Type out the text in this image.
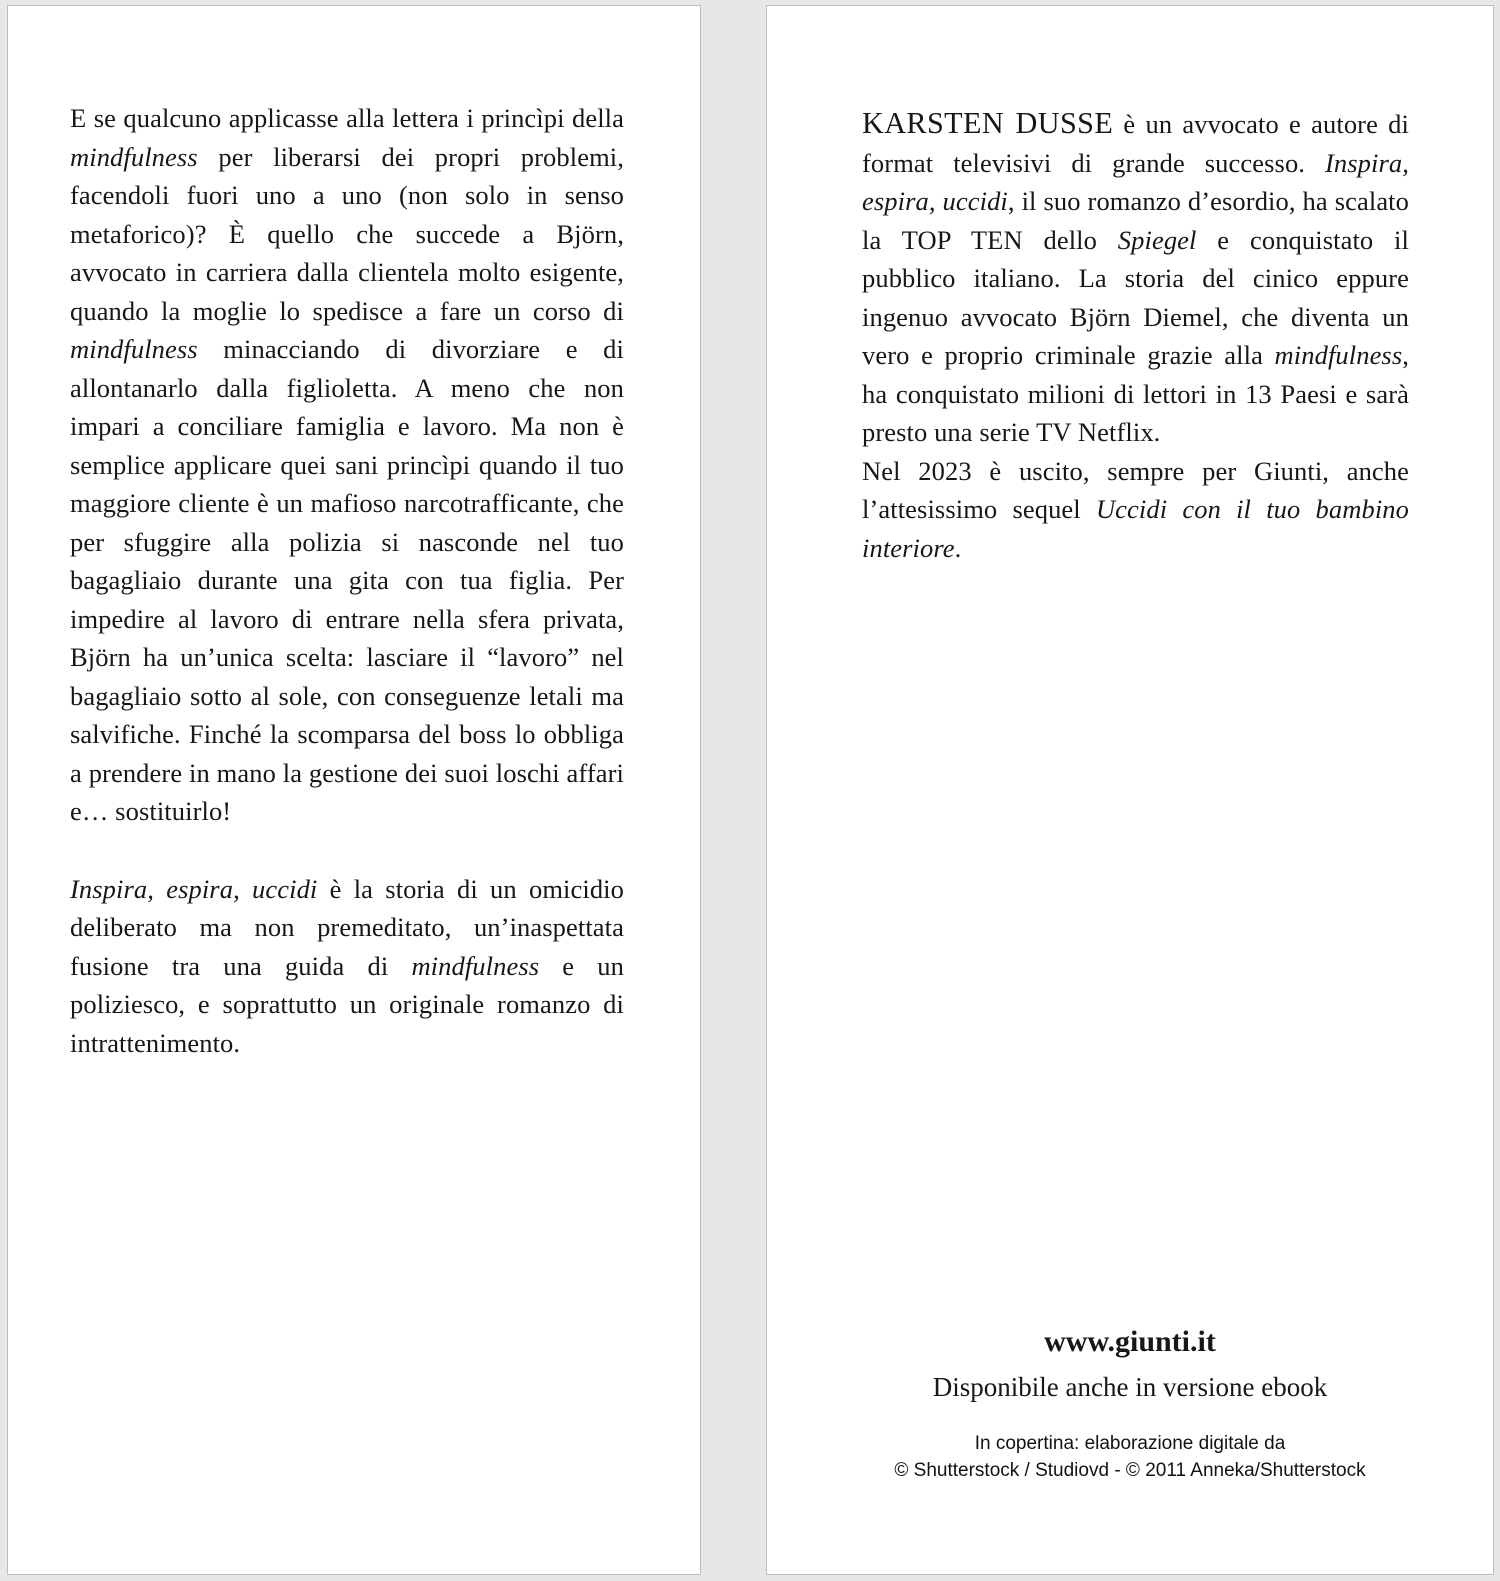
E se qualcuno applicasse alla lettera i princìpi della mindfulness per liberarsi dei propri problemi, facendoli fuori uno a uno (non solo in senso metaforico)? È quello che succede a Björn, avvocato in carriera dalla clientela molto esigente, quando la moglie lo spedisce a fare un corso di mindfulness minacciando di divorziare e di allontanarlo dalla figlioletta. A meno che non impari a conciliare famiglia e lavoro. Ma non è semplice applicare quei sani princìpi quando il tuo maggiore cliente è un mafioso narcotrafficante, che per sfuggire alla polizia si nasconde nel tuo bagagliaio durante una gita con tua figlia. Per impedire al lavoro di entrare nella sfera privata, Björn ha un’unica scelta: lasciare il “lavoro” nel bagagliaio sotto al sole, con conseguenze letali ma salvifiche. Finché la scomparsa del boss lo obbliga a prendere in mano la gestione dei suoi loschi affari e… sostituirlo!

Inspira, espira, uccidi è la storia di un omicidio deliberato ma non premeditato, un’inaspettata fusione tra una guida di mindfulness e un poliziesco, e soprattutto un originale romanzo di intrattenimento.

KARSTEN DUSSE è un avvocato e autore di format televisivi di grande successo. Inspira, espira, uccidi, il suo romanzo d’esordio, ha scalato la TOP TEN dello Spiegel e conquistato il pubblico italiano. La storia del cinico eppure ingenuo avvocato Björn Diemel, che diventa un vero e proprio criminale grazie alla mindfulness, ha conquistato milioni di lettori in 13 Paesi e sarà presto una serie TV Netflix.

Nel 2023 è uscito, sempre per Giunti, anche l’attesissimo sequel Uccidi con il tuo bambino interiore.

www.giunti.it

Disponibile anche in versione ebook

In copertina: elaborazione digitale da
© Shutterstock / Studiovd - © 2011 Anneka/Shutterstock
